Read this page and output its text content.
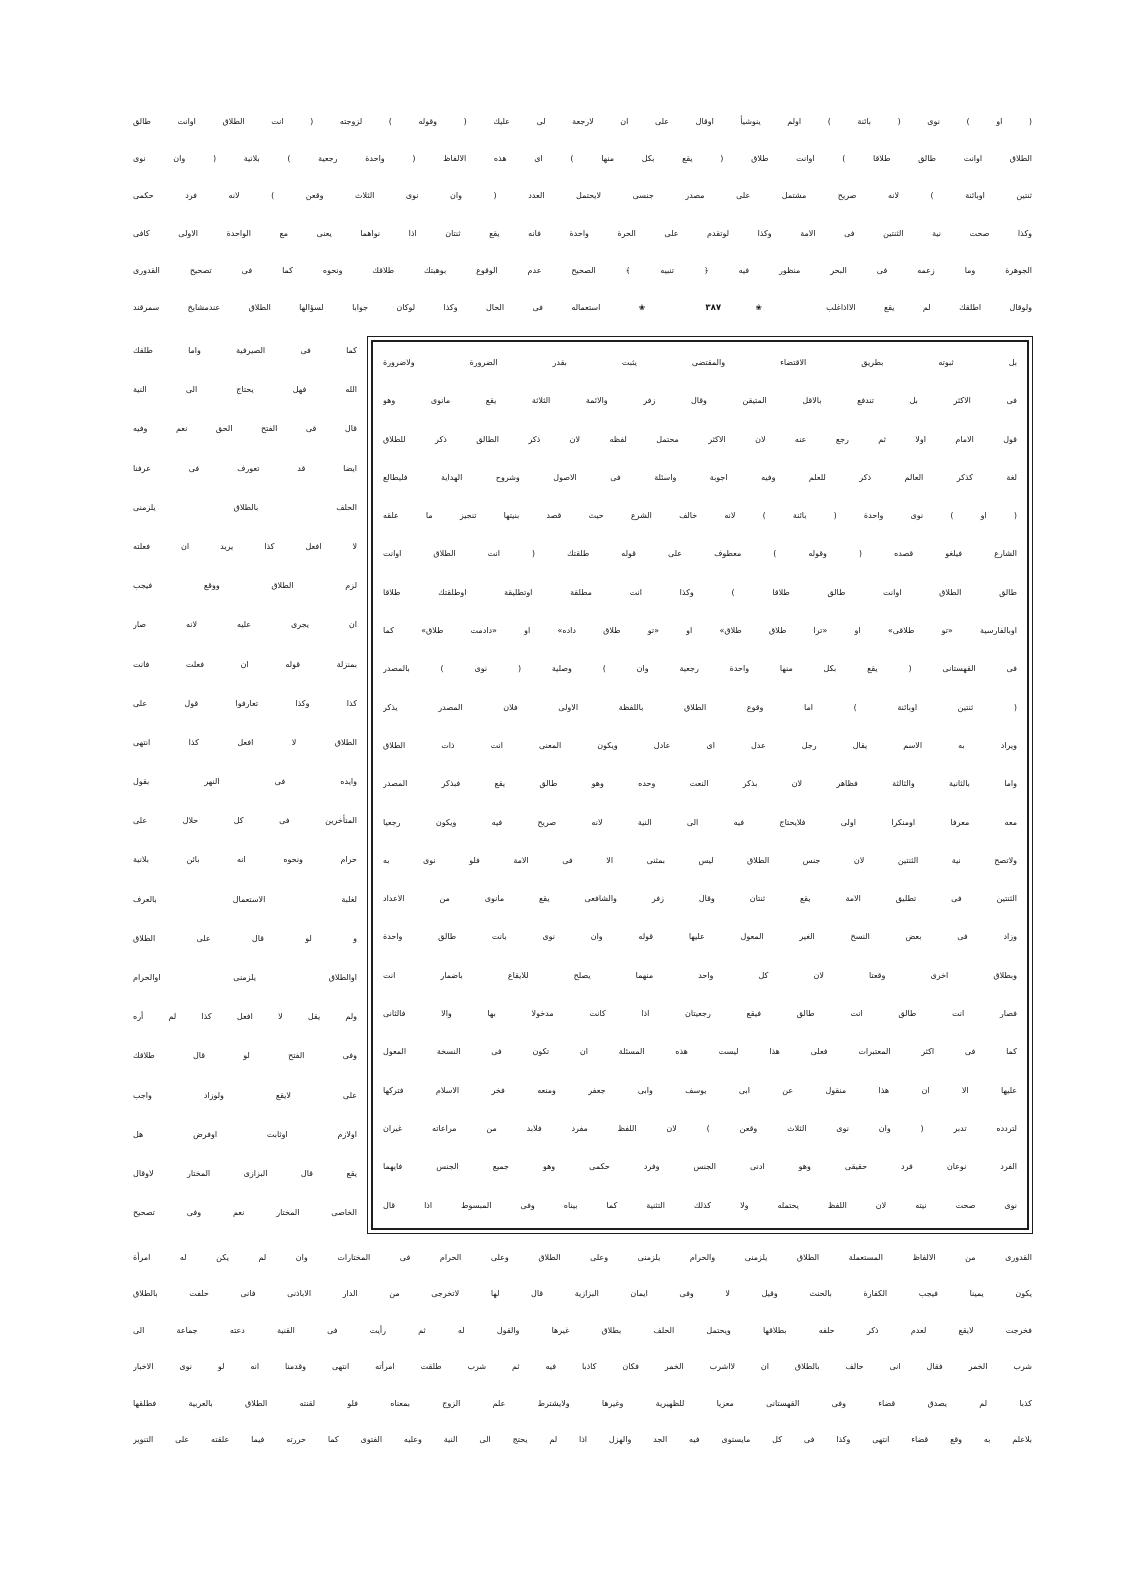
( او ) نوى ( بائنة ) اولم ينوشيأ اوقال على ان لارجعة لى عليك ( وقوله ) لزوجته ( انت الطلاق اوانت طالق
الطلاق اوانت طالق طلاقا ) اوانت طلاق ( يقع بكل منها ) اى هذه الالفاظ ( واحدة رجعية ) بلانية ( وان نوى
ثنتين اوبائنة ) لانه صريح مشتمل على مصدر جنسى لايحتمل العدد ( وان نوى الثلاث وقعن ) لانه فرد حكمى
وكذا صحت نية الثنتين فى الامة وكذا لوتقدم على الحرة واحدة فانه يقع ثنتان اذا نواهما يعنى مع الواحدة الاولى كافى
الجوهرة وما زعمه فى البحر منظور فيه ﴿ تنبيه ﴾ الصحيح عدم الوقوع بوهبتك طلاقك ونحوه كما فى تصحيح القدورى
ولوقال اطلقك لم يقع الااذاغلب ❀ ٣٨٧ ❀ استعماله فى الحال وكذا لوكان جوابا لسؤالها الطلاق عندمشايخ سمرقند
كما فى الصيرفية واما طلقك
الله فهل يحتاج الى النية
قال فى الفتح الحق نعم وفيه
ايضا قد تعورف فى عرفنا
الحلف بالطلاق يلزمنى
لا افعل كذا يريد ان فعلته
لزم الطلاق ووقع فيجب
ان يجرى عليه لانه صار
بمنزلة قوله ان فعلت فانت
كذا وكذا تعارفوا قول على
الطلاق لا افعل كذا انتهى
وايده فى النهر بقول
المتأخرين فى كل حلال على
حرام ونحوه انه بائن بلانية
لغلبة الاستعمال بالعرف
و لو قال على الطلاق
اوالطلاق يلزمنى اوالحرام
ولم يقل لا افعل كذا لم أره
وفى الفتح لو قال طلاقك
على لايقع ولوزاد واجب
اولازم اوثابت اوفرض هل
يقع قال البزازى المختار لاوقال
الخاصى المختار نعم وفى تصحيح
بل ثبوته بطريق الاقتضاء والمقتضى يثبت بقدر الضرورة ولاضرورة
فى الاكثر بل تندفع بالاقل المتيقن وقال زفر والائمة الثلاثة يقع مانوى وهو
قول الامام اولا ثم رجع عنه لان الاكثر محتمل لفظه لان ذكر الطالق ذكر للطلاق
لغة كذكر العالم ذكر للعلم وفيه اجوبة واسئلة فى الاصول وشروح الهداية فليطالع
( او ) نوى واحدة ( بائنة ) لانه خالف الشرع حيث قصد بنيتها تنجيز ما علقه
الشارع فيلغو قصده ( وقوله ) معطوف على قوله طلقتك ( انت الطلاق اوانت
طالق الطلاق اوانت طالق طلاقا ) وكذا انت مطلقة اوتطليقة اوطلقتك طلاقا
اوبالفارسية «تو طلاقى» او «ترا طلاق طلاق» او «تو طلاق داده» او «دادمت طلاق» كما
فى القهستانى ( يقع بكل منها واحدة رجعية وان ) وصلية ( نوى ) بالمصدر
( ثنتين اوبائنة ) اما وقوع الطلاق باللفظة الاولى فلان المصدر يذكر
ويراد به الاسم يقال رجل عدل اى عادل ويكون المعنى انت ذات الطلاق
واما بالثانية والثالثة فظاهر لان بذكر النعت وحده وهو طالق يقع فبذكر المصدر
معه معرفا اومنكرا اولى فلايحتاج فيه الى النية لانه صريح فيه ويكون رجعيا
ولاتصح نية الثنتين لان جنس الطلاق ليس بمثنى الا فى الامة فلو نوى به
الثنتين فى تطليق الامة يقع ثنتان وقال زفر والشافعى يقع مانوى من الاعداد
وزاد فى بعض النسخ الغير المعول عليها قوله وان نوى بانت طالق واحدة
وبطلاق اخرى وقعتا لان كل واحد منهما يصلح للايقاع باضمار انت
فصار انت طالق انت طالق فيقع رجعيتان اذا كانت مدخولا بها والا فالثانى
كما فى اكثر المعتبرات فعلى هذا ليست هذه المسئلة ان تكون فى النسخة المعول
عليها الا ان هذا منقول عن ابى يوسف وابى جعفر ومنعه فخر الاسلام فتركها
لتردده تدبر ( وان نوى الثلاث وقعن ) لان اللفظ مفرد فلابد من مراعاته غيران
الفرد نوعان فرد حقيقى وهو ادنى الجنس وفرد حكمى وهو جميع الجنس فايهما
نوى صحت نيته لان اللفظ يحتمله ولا كذلك التثنية كما بيناه وفى المبسوط اذا قال
القدورى من الالفاظ المستعملة الطلاق يلزمنى والحرام يلزمنى وعلى الطلاق وعلى الحرام فى المختارات وان لم يكن له امرأة
يكون يمينا فيجب الكفارة بالحنث وقيل لا وفى ايمان البزازية قال لها لاتخرجى من الدار الاباذنى فانى حلفت بالطلاق
فخرجت لايقع لعدم ذكر حلفه بطلاقها ويحتمل الحلف بطلاق غيرها والقول له ثم رأيت فى القنية دعته جماعة الى
شرب الخمر فقال انى حالف بالطلاق ان لااشرب الخمر فكان كاذبا فيه ثم شرب طلقت امرأته انتهى وقدمنا انه لو نوى الاخبار
كذبا لم يصدق قضاء وفى القهستانى معزيا للظهيرية وغيرها ولايشترط علم الزوج بمعناه فلو لقنته الطلاق بالعربية فطلقها
بلاعلم به وقع قضاء انتهى وكذا فى كل مايستوى فيه الجد والهزل اذا لم يحتج الى النية وعليه الفتوى كما حررته فيما علقته على التنوير
